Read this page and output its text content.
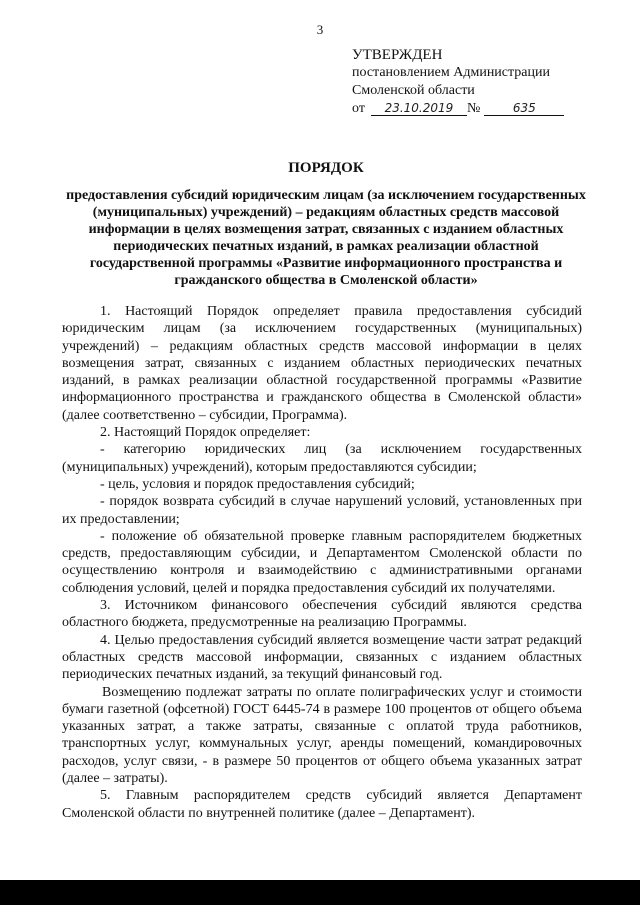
3
УТВЕРЖДЕН
постановлением Администрации
Смоленской области
от	23.10.2019 №	635
ПОРЯДОК
предоставления субсидий юридическим лицам (за исключением государственных (муниципальных) учреждений) – редакциям областных средств массовой информации в целях возмещения затрат, связанных с изданием областных периодических печатных изданий, в рамках реализации областной государственной программы «Развитие информационного пространства и гражданского общества в Смоленской области»

1. Настоящий Порядок определяет правила предоставления субсидий юридическим лицам (за исключением государственных (муниципальных) учреждений) – редакциям областных средств массовой информации в целях возмещения затрат, связанных с изданием областных периодических печатных изданий, в рамках реализации областной государственной программы «Развитие информационного пространства и гражданского общества в Смоленской области» (далее соответственно – субсидии, Программа).

2. Настоящий Порядок определяет:

- категорию юридических лиц (за исключением государственных (муниципальных) учреждений), которым предоставляются субсидии;

- цель, условия и порядок предоставления субсидий;

- порядок возврата субсидий в случае нарушений условий, установленных при их предоставлении;

- положение об обязательной проверке главным распорядителем бюджетных средств, предоставляющим субсидии, и Департаментом Смоленской области по осуществлению контроля и взаимодействию с административными органами соблюдения условий, целей и порядка предоставления субсидий их получателями.

3. Источником финансового обеспечения субсидий являются средства областного бюджета, предусмотренные на реализацию Программы.

4. Целью предоставления субсидий является возмещение части затрат редакций областных средств массовой информации, связанных с изданием областных периодических печатных изданий, за текущий финансовый год.

Возмещению подлежат затраты по оплате полиграфических услуг и стоимости бумаги газетной (офсетной) ГОСТ 6445-74 в размере 100 процентов от общего объема указанных затрат, а также затраты, связанные с оплатой труда работников, транспортных услуг, коммунальных услуг, аренды помещений, командировочных расходов, услуг связи, - в размере 50 процентов от общего объема указанных затрат (далее – затраты).

5. Главным распорядителем средств субсидий является Департамент Смоленской области по внутренней политике (далее – Департамент).
